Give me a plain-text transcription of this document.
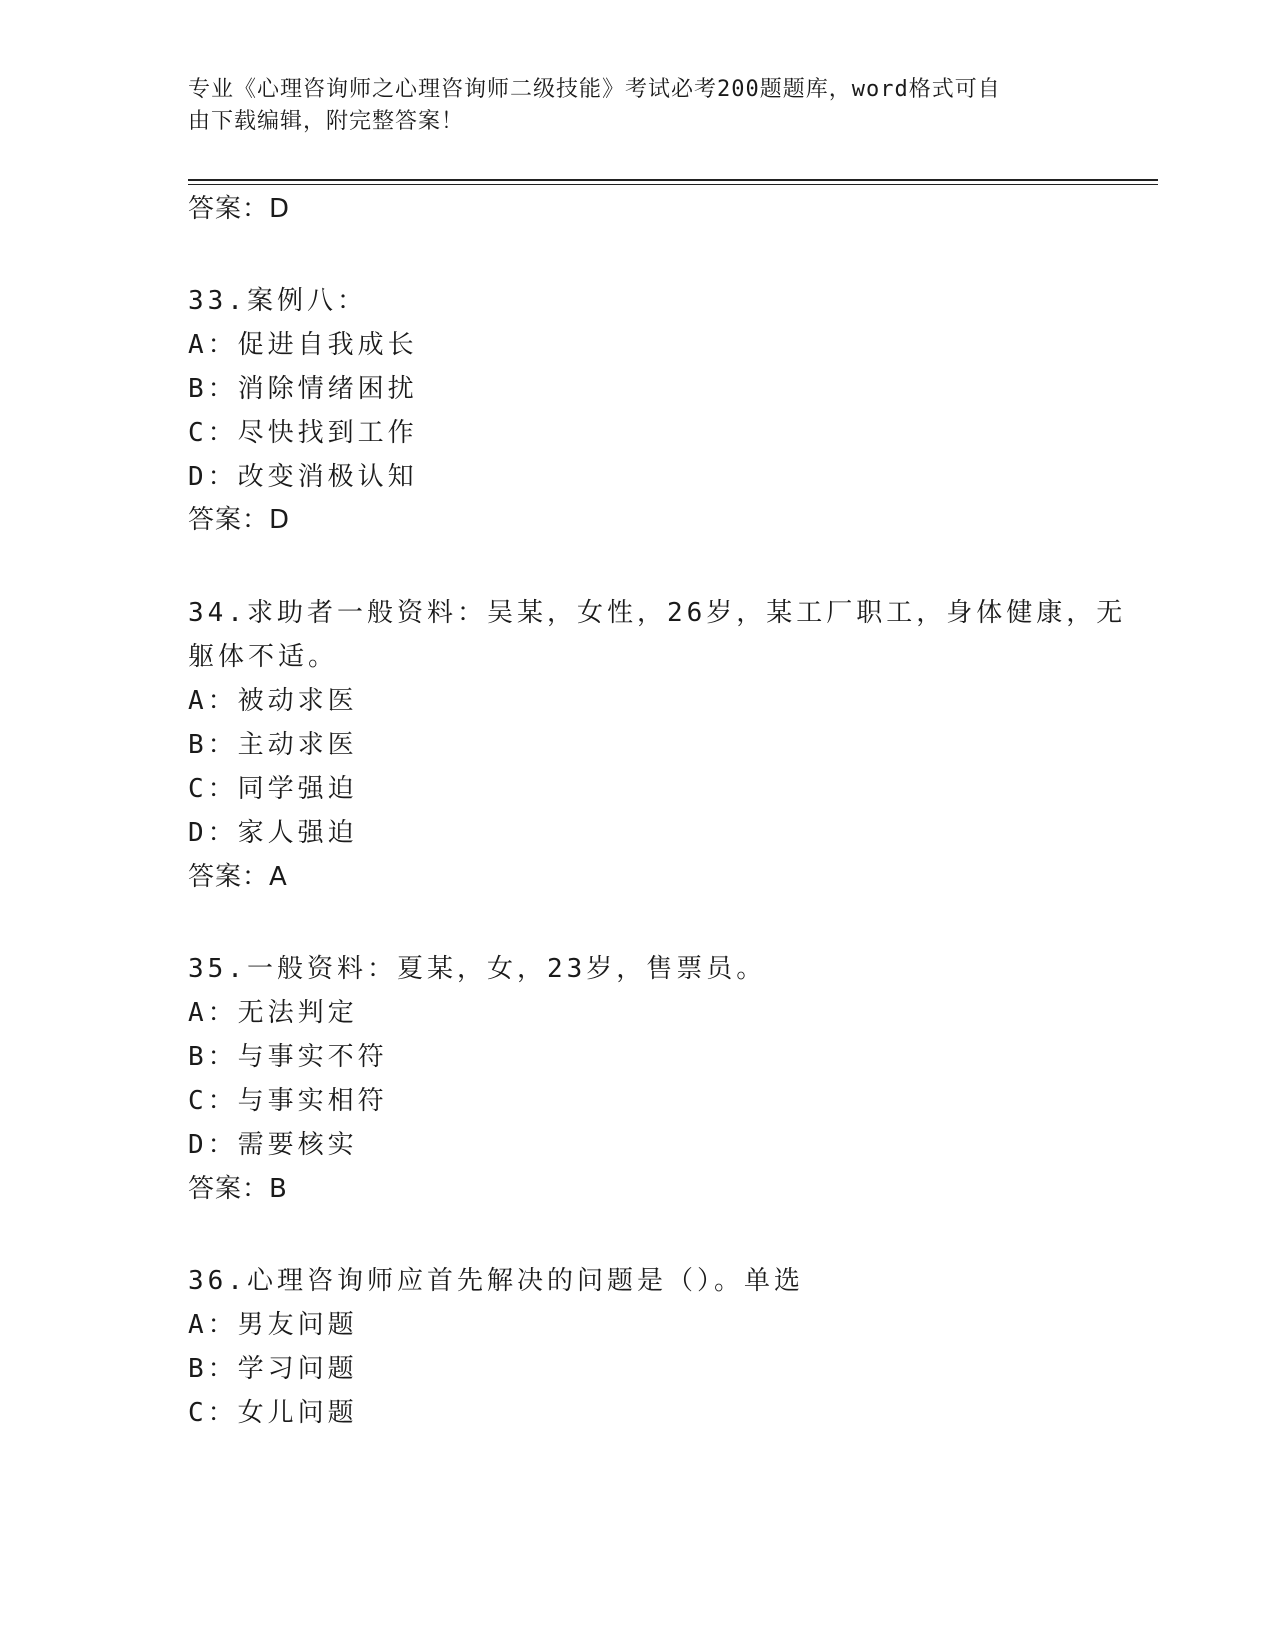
专业《心理咨询师之心理咨询师二级技能》考试必考200题题库，word格式可自
由下载编辑，附完整答案！
答案：D
33.案例八：
A：促进自我成长
B：消除情绪困扰
C：尽快找到工作
D：改变消极认知
答案：D
34.求助者一般资料：吴某，女性，26岁，某工厂职工，身体健康，无
躯体不适。
A：被动求医
B：主动求医
C：同学强迫
D：家人强迫
答案：A
35.一般资料：夏某，女，23岁，售票员。
A：无法判定
B：与事实不符
C：与事实相符
D：需要核实
答案：B
36.心理咨询师应首先解决的问题是（）。单选
A：男友问题
B：学习问题
C：女儿问题
